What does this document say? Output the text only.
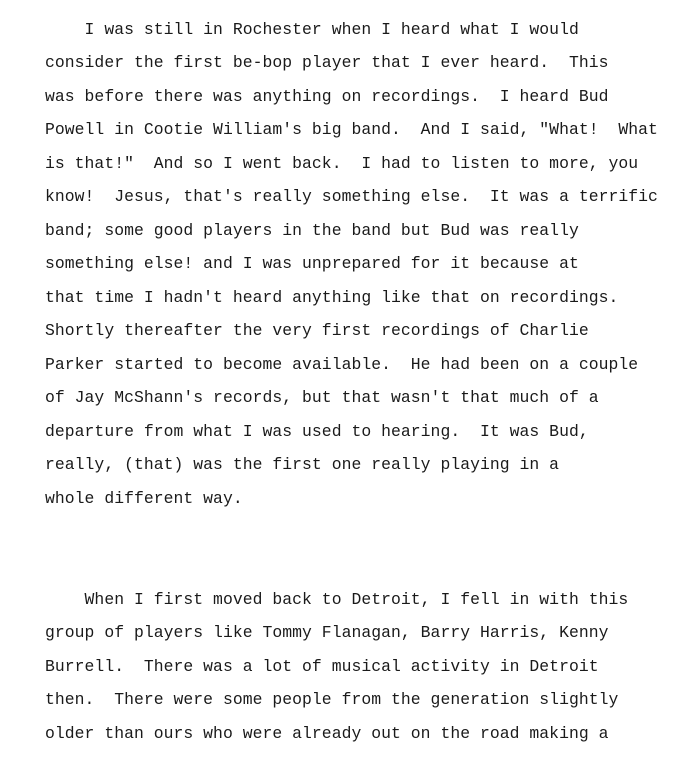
I was still in Rochester when I heard what I would
consider the first be-bop player that I ever heard.  This
was before there was anything on recordings.  I heard Bud
Powell in Cootie William's big band.  And I said, "What!  What
is that!"  And so I went back.  I had to listen to more, you
know!  Jesus, that's really something else.  It was a terrific
band; some good players in the band but Bud was really
something else! and I was unprepared for it because at
that time I hadn't heard anything like that on recordings.
Shortly thereafter the very first recordings of Charlie
Parker started to become available.  He had been on a couple
of Jay McShann's records, but that wasn't that much of a
departure from what I was used to hearing.  It was Bud,
really, (that) was the first one really playing in a
whole different way.
When I first moved back to Detroit, I fell in with this
group of players like Tommy Flanagan, Barry Harris, Kenny
Burrell.  There was a lot of musical activity in Detroit
then.  There were some people from the generation slightly
older than ours who were already out on the road making a
